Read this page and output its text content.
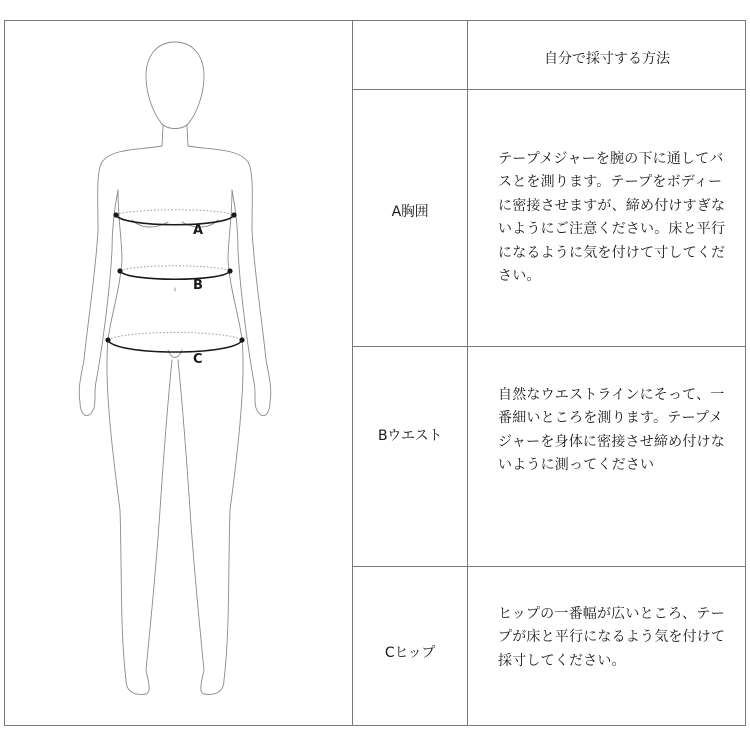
A
B
C
自分で採寸する方法
A胸囲
テープメジャーを腕の下に通してバスとを測ります。テープをボディーに密接させますが、締め付けすぎないようにご注意ください。床と平行になるように気を付けて寸してください。
Bウエスト
自然なウエストラインにそって、一番細いところを測ります。テープメジャーを身体に密接させ締め付けないように測ってください
Cヒップ
ヒップの一番幅が広いところ、テープが床と平行になるよう気を付けて採寸してください。
